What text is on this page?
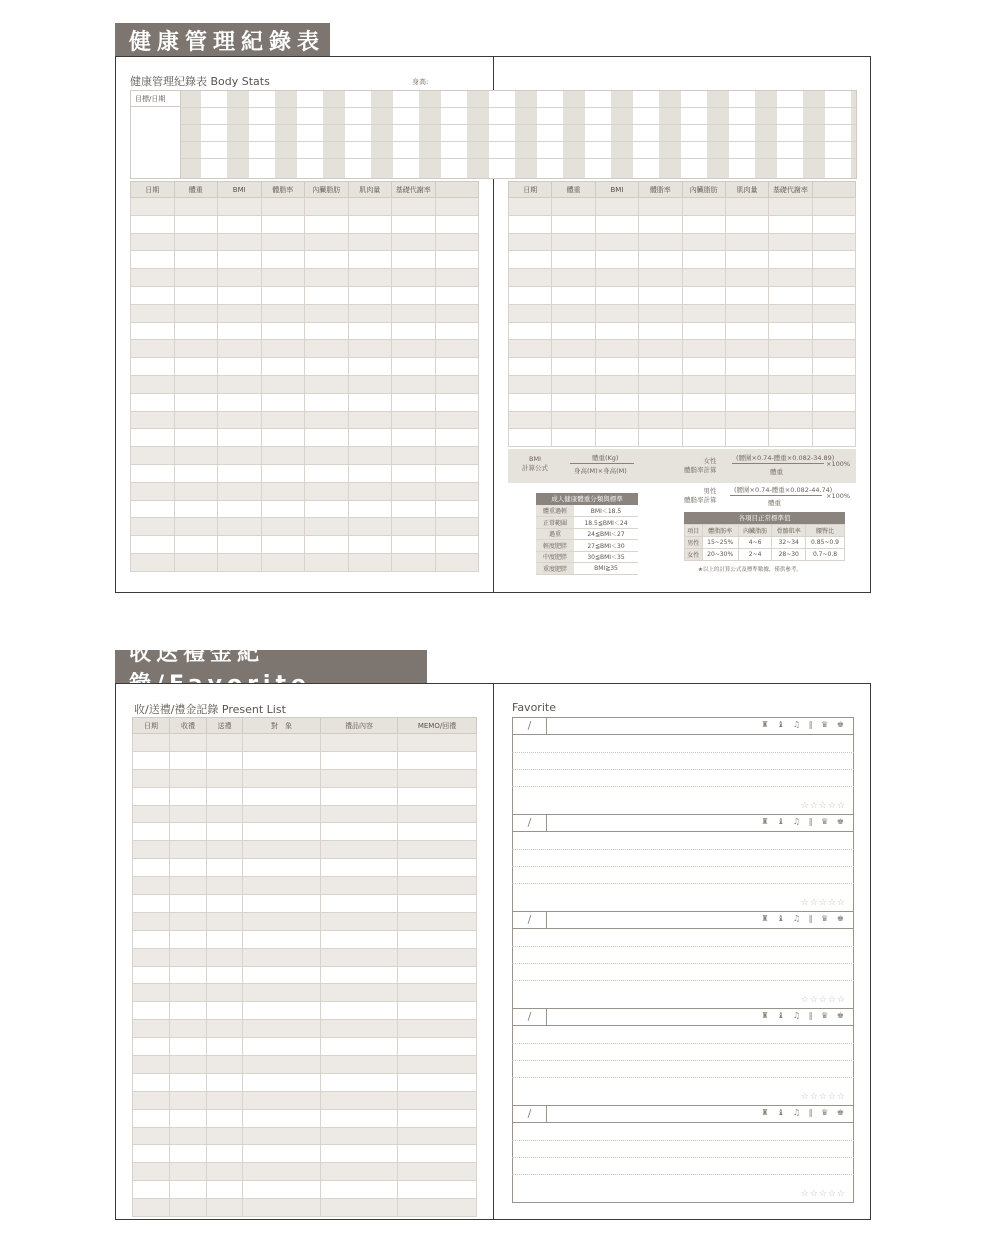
健康管理紀錄表
健康管理紀錄表 Body Stats	身高:
目標/日期
日期	體重	BMI	體脂率	內臟脂肪	肌肉量	基礎代謝率	

								日期	體重	BMI	體脂率	內臟脂肪	肌肉量	基礎代謝率	

BMI
計算公式
體重(Kg)
身高(M)×身高(M)
女性
體脂率計算
(腰圍×0.74-體重×0.082-34.89)
體重
×100%
男性
體脂率計算
(腰圍×0.74-體重×0.082-44.74)
體重
×100%
成人健康體重分類與標準
體重過輕	BMI＜18.5
正常範圍	18.5≦BMI＜24
過重	24≦BMI＜27
輕度肥胖	27≦BMI＜30
中度肥胖	30≦BMI＜35
重度肥胖	BMI≧35
各項目正常標準值
項目	體脂肪率	內臟脂肪	骨骼肌率	腰臀比
男性	15~25%	4~6	32~34	0.85~0.9
女性	20~30%	2~4	28~30	0.7~0.8
★以上的計算公式及標準數據，僅供參考。
收送禮金紀錄/Favorite
收/送禮/禮金記錄 Present List
日期	收禮	送禮	對　象	禮品內容	MEMO/回禮

Favorite
/	♜ ♝ ♫ ‖ ♛ ♚
☆☆☆☆☆
/	♜ ♝ ♫ ‖ ♛ ♚
☆☆☆☆☆
/	♜ ♝ ♫ ‖ ♛ ♚
☆☆☆☆☆
/	♜ ♝ ♫ ‖ ♛ ♚
☆☆☆☆☆
/	♜ ♝ ♫ ‖ ♛ ♚
☆☆☆☆☆
